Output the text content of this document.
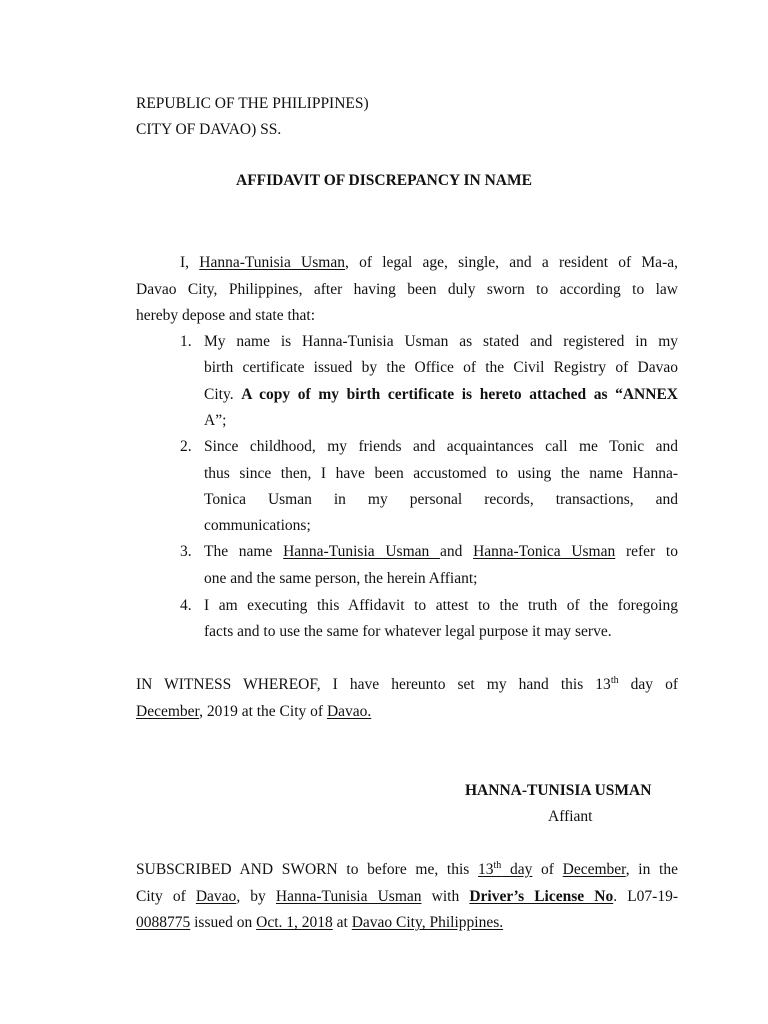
REPUBLIC OF THE PHILIPPINES)
CITY OF DAVAO) SS.
AFFIDAVIT OF DISCREPANCY IN NAME
I, Hanna-Tunisia Usman, of legal age, single, and a resident of Ma-a,
Davao City, Philippines, after having been duly sworn to according to law
hereby depose and state that:
1. My name is Hanna-Tunisia Usman as stated and registered in my
birth certificate issued by the Office of the Civil Registry of Davao
City. A copy of my birth certificate is hereto attached as “ANNEX
A”;
2. Since childhood, my friends and acquaintances call me Tonic and
thus since then, I have been accustomed to using the name Hanna-
Tonica Usman in my personal records, transactions, and
communications;
3. The name Hanna-Tunisia Usman and Hanna-Tonica Usman refer to
one and the same person, the herein Affiant;
4. I am executing this Affidavit to attest to the truth of the foregoing
facts and to use the same for whatever legal purpose it may serve.
IN WITNESS WHEREOF, I have hereunto set my hand this 13th day of
December, 2019 at the City of Davao.
HANNA-TUNISIA USMAN
Affiant
SUBSCRIBED AND SWORN to before me, this 13th day of December, in the
City of Davao, by Hanna-Tunisia Usman with Driver’s License No. L07-19-
0088775 issued on Oct. 1, 2018 at Davao City, Philippines.
